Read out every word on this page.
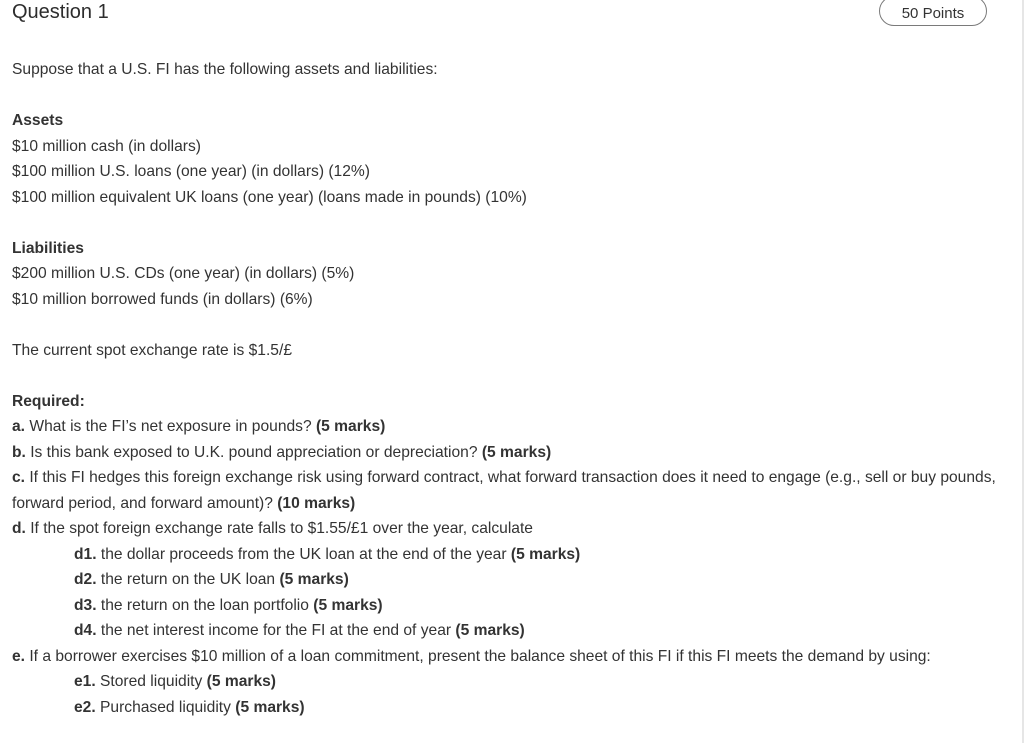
Question 1	50 Points
Suppose that a U.S. FI has the following assets and liabilities:
Assets
$10 million cash (in dollars)
$100 million U.S. loans (one year) (in dollars) (12%)
$100 million equivalent UK loans (one year) (loans made in pounds) (10%)
Liabilities
$200 million U.S. CDs (one year) (in dollars) (5%)
$10 million borrowed funds (in dollars) (6%)
The current spot exchange rate is $1.5/£
Required:
a. What is the FI’s net exposure in pounds? (5 marks)
b. Is this bank exposed to U.K. pound appreciation or depreciation? (5 marks)
c. If this FI hedges this foreign exchange risk using forward contract, what forward transaction does it need to engage (e.g., sell or buy pounds, forward period, and forward amount)? (10 marks)
d. If the spot foreign exchange rate falls to $1.55/£1 over the year, calculate
d1. the dollar proceeds from the UK loan at the end of the year (5 marks)
d2. the return on the UK loan (5 marks)
d3. the return on the loan portfolio (5 marks)
d4. the net interest income for the FI at the end of year (5 marks)
e. If a borrower exercises $10 million of a loan commitment, present the balance sheet of this FI if this FI meets the demand by using:
e1. Stored liquidity (5 marks)
e2. Purchased liquidity (5 marks)
